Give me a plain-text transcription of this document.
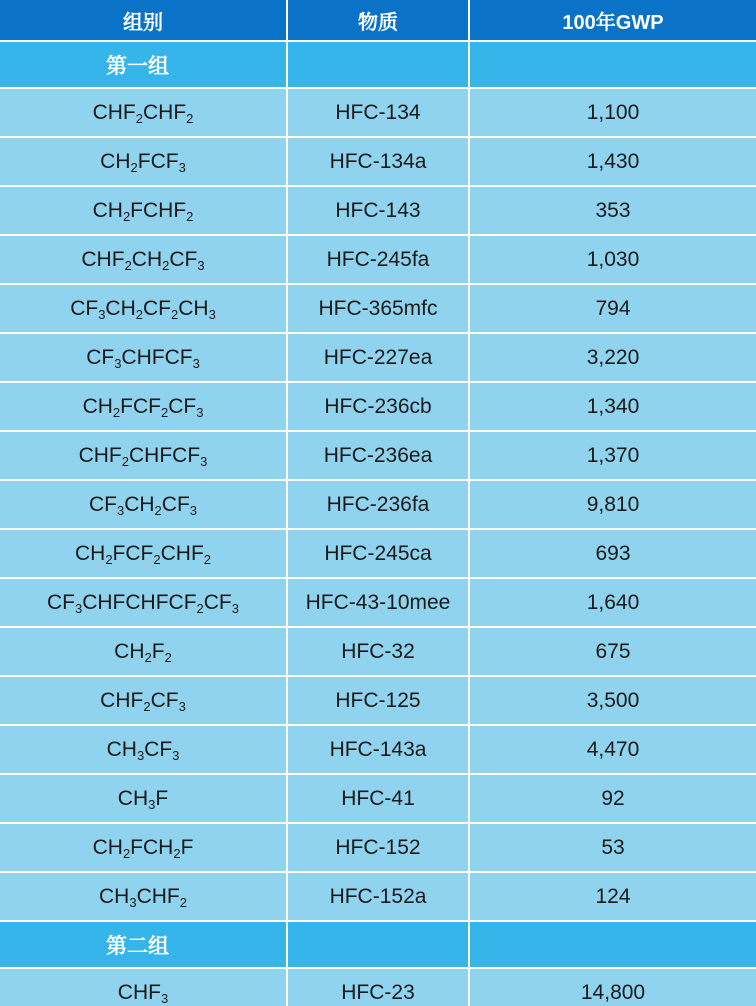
组别	物质	100年GWP
第一组		
$CHF_2CHF_2$	HFC-134	1,100
$CH_2FCF_3$	HFC-134a	1,430
$CH_2FCHF_2$	HFC-143	353
$CHF_2CH_2CF_3$	HFC-245fa	1,030
$CF_3CH_2CF_2CH_3$	HFC-365mfc	794
$CF_3CHFCF_3$	HFC-227ea	3,220
$CH_2FCF_2CF_3$	HFC-236cb	1,340
$CHF_2CHFCF_3$	HFC-236ea	1,370
$CF_3CH_2CF_3$	HFC-236fa	9,810
$CH_2FCF_2CHF_2$	HFC-245ca	693
$CF_3CHFCHFCF_2CF_3$	HFC-43-10mee	1,640
$CH_2F_2$	HFC-32	675
$CHF_2CF_3$	HFC-125	3,500
$CH_3CF_3$	HFC-143a	4,470
$CH_3F$	HFC-41	92
$CH_2FCH_2F$	HFC-152	53
$CH_3CHF_2$	HFC-152a	124
第二组		
$CHF_3$	HFC-23	14,800
